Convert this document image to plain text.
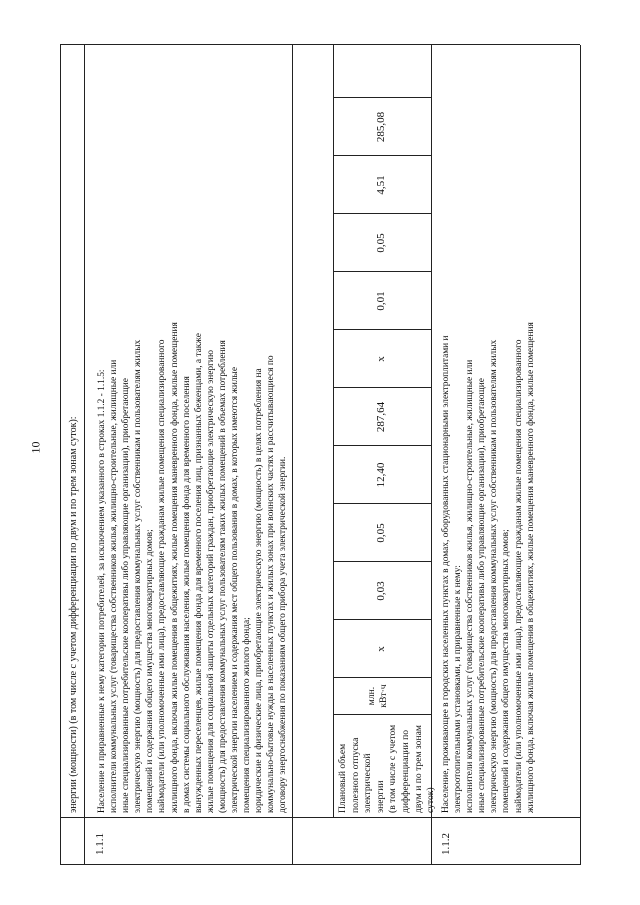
10	энергии (мощности) (в том числе с учетом дифференциации по двум и по трем зонам суток):
1.1.1
Население и приравненные к нему категории потребителей, за исключением указанного в строках 1.1.2 - 1.1.5: исполнители коммунальных услуг (товарищества собственников жилья, жилищно-строительные, жилищные или иные специализированные потребительские кооперативы либо управляющие организации), приобретающие электрическую энергию (мощность) для предоставления коммунальных услуг собственникам и пользователям жилых помещений и содержания общего имущества многоквартирных домов; наймодатели (или уполномоченные ими лица), предоставляющие гражданам жилые помещения специализированного жилищного фонда, включая жилые помещения в общежитиях, жилые помещения маневренного фонда, жилые помещения в домах системы социального обслуживания населения, жилые помещения фонда для временного поселения вынужденных переселенцев, жилые помещения фонда для временного поселения лиц, признанных беженцами, а также жилые помещения для социальной защиты отдельных категорий граждан, приобретающие электрическую энергию (мощность) для предоставления коммунальных услуг пользователям таких жилых помещений в объемах потребления электрической энергии населением и содержания мест общего пользования в домах, в которых имеются жилые помещения специализированного жилого фонда; юридические и физические лица, приобретающие электрическую энергию (мощность) в целях потребления на коммунально-бытовые нужды в населенных пунктах и жилых зонах при воинских частях и рассчитывающиеся по договору энергоснабжения по показаниям общего прибора учета электрической энергии.	Плановый объем полезного отпуска электрической энергии (в том числе с учетом дифференциации по двум и по трем зонам суток)
млн. кВт·ч
x
0,03
0,05
12,40
287,64
x
0,01
0,05
4,51
285,08
1.1.2
Население, проживающее в городских населенных пунктах в домах, оборудованных стационарными электроплитами и электроотопительными установками, и приравненные к нему: исполнители коммунальных услуг (товарищества собственников жилья, жилищно-строительные, жилищные или иные специализированные потребительские кооперативы либо управляющие организации), приобретающие электрическую энергию (мощность) для предоставления коммунальных услуг собственникам и пользователям жилых помещений и содержания общего имущества многоквартирных домов; наймодатели (или уполномоченные ими лица), предоставляющие гражданам жилые помещения специализированного жилищного фонда, включая жилые помещения в общежитиях, жилые помещения маневренного фонда, жилые помещения
